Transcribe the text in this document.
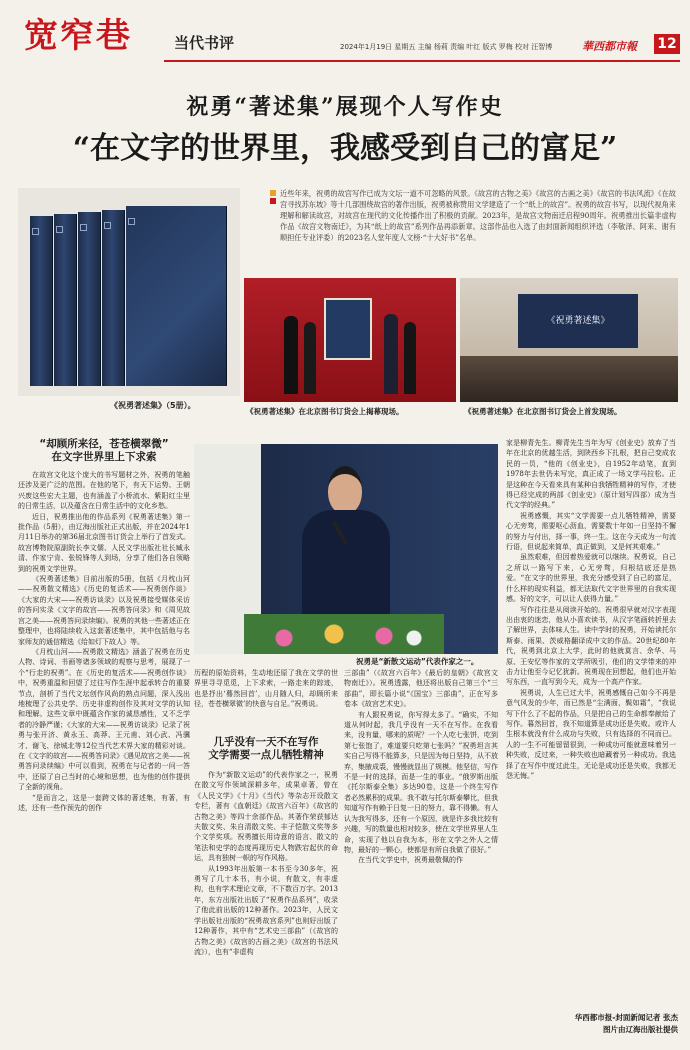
宽窄巷	当代书评	2024年1月19日 星期五 主编 杨莉 责编 叶红 版式 罗梅 校对 汪智博	華西都市報 12
祝勇“著述集”展现个人写作史
“在文字的世界里，我感受到自己的富足”
《祝勇著述集》（5册）。

近些年来，祝勇的故宫写作已成为文坛一道不可忽略的风景。《故宫的古物之美》《故宫的古画之美》《故宫的书法风流》《在故宫寻找苏东坡》等十几部围绕故宫的著作出版，祝勇被称赞用文学建造了一个“纸上的故宫”。祝勇的故宫书写，以现代视角来理解和解读故宫，对故宫在现代的文化传播作出了积极的贡献。2023年，是故宫文物南迁启程90周年。祝勇推出长篇非虚构作品《故宫文物南迁》，为其“纸上的故宫”系列作品再添新章。这部作品也入选了由封面新闻组织评选（李敬泽、阿来、谢有顺担任专业评委）的2023名人堂年度人文榜·“十大好书”名单。

《祝勇著述集》在北京图书订货会上揭幕现场。
《祝勇著述集》
《祝勇著述集》在北京图书订货会上首发现场。
“却顾所来径，苍苍横翠微”
在文字世界里上下求索

在故宫文化这个庞大的书写题材之外，祝勇的笔触还涉及更广泛的范围。在他的笔下，有天下运势、王朝兴废这些宏大主题，也有涵盖了小桥流水、紫阳红尘里的日常生活，以及蕴含在日常生活中的文化乡愁。

近日，祝勇推出他的作品系列《祝勇著述集》第一批作品（5册），由辽海出版社正式出版，并在2024年1月11日举办的第36届北京图书订货会上举行了首发式。故宫博物院原副院长李文儒、人民文学出版社社长臧永清、作家宁肯、张锐锋等人到场，分享了他们各自领略到的祝勇文学世界。

《祝勇著述集》目前出版的5册，包括《月枕山河——祝勇散文精选》《历史的复活术——祝勇创作谈》《大家的大宋——祝勇访谈录》以及祝勇接受媒体采访的答问实录《文字的故宫——祝勇答问录》和《周见故宫之美——祝勇答问录续编》。祝勇的其他一些著述正在整理中，也将陆续收入这套著述集中，其中包括他与名家师友的通信精选《给如灯下故人》等。

《月枕山河——祝勇散文精选》涵盖了祝勇在历史人物、诗词、书画等诸多领域的观察与思考，展现了一个“行走的祝勇”。在《历史的复活术——祝勇创作谈》中，祝勇重温和回望了过往写作生涯中起承转合的重要节点，剖析了当代文坛创作风尚的熟点问题，深入浅出地梳理了公共史学、历史非虚构创作及其对文学的认知和理解。这些文章中既蕴含作家的诚恳感性，又不乏学者的冷静严谨；《大家的大宋——祝勇访谈录》记录了祝勇与张开济、黄永玉、高莽、王元甫、刘心武、冯骥才、谢飞、徐城北等12位当代艺术界大家的精彩对谈。在《文字的故宫——祝勇答问录》《遇见故宫之美——祝勇答问录续编》中可以看到，祝勇在与记者的一问一答中，还原了自己当时的心境和思想，也为他的创作提供了全新的视角。

“是而言之，这是一套跨文体的著述集，有著，有述，还有一些作预先的创作

祝勇是“新散文运动”代表作家之一。

历程的原始资料，生动地还原了我在文学的世界里寻寻觅觅，上下求索，一路走来的踪迹，也是抒出‘蓦然回首’，山月随人归，却顾所来径，苍苍横翠微’的快意与自足。”祝勇说。

几乎没有一天不在写作
文学需要一点儿牺牲精神

作为“新散文运动”的代表作家之一，祝勇在散文写作领域深耕多年，成果卓著，曾在《人民文学》《十月》《当代》等杂志开设散文专栏，著有《血朝廷》《故宫六百年》《故宫的古物之美》等四十余部作品。其著作荣获郁达夫散文奖、朱自清散文奖、丰子恺散文奖等多个文学奖项。祝勇擅长用诗意的语言、散文的笔法和史学的态度再现历史人物跌宕起伏的命运，具有独树一帜的写作风格。

从1993年出版第一本书至今30多年，祝勇写了几十本书，有小说，有散文，有非虚构，也有学术理论文章，不下数百万字。2013年，东方出版社出版了“祝勇作品系列”，收录了他此前出版的12种著作。2023年，人民文学出版社出版的“祝勇故宫系列”也则好出版了12种著作，其中有“艺术史三部曲”（《故宫的古物之美》《故宫的古画之美》《故宫的书法风流》），也有“非虚构

三部曲”（《故宫六百年》《最后的皇朝》《故宫文物南迁》）。祝勇透露，他还将出版自己第三个“三部曲”，即长篇小说“《国宝》三部曲”，正在写多卷本《故宫艺术史》。

有人跟祝勇说，你写得太多了。“确实，不知道从何时起，我几乎没有一天不在写作。在我看来，没有量，哪来的质呢？一个人吃七张饼，吃到第七张饱了，难道要只吃第七张吗？”祝勇坦言其实自己写得不能算多，只是因为每日坚持，从不放弃，集腋成裘，慢慢就显出了规模。他坚信，写作不是一时的选择，而是一生的事业。“俄罗斯出版《托尔斯泰全集》多达90卷，这是一个终生写作者必然累积的成果。我不敢与托尔斯泰攀比，但我知道写作有赖于日复一日的努力，靠不得懒。有人认为我写得多，还有一个原因，就是许多我比较有兴趣，写的数量也相对较多，使在文学世界里人生命，实现了他以自我为本，形在文学之外人之情物，最好的一颗心，使都是有所自我做了很好。”

在当代文学史中，祝勇最敬佩的作

家是柳青先生。柳青先生当年为写《创业史》放弃了当年在北京的优越生活，到陕西乡下扎根，把自己变成农民的一员，“他的《创业史》，自1952年动笔，直到1978年去世仍未写完，真正成了一场文学马拉松。正是这种在今天看来具有某种自我牺牲精神的写作，才使得已经完成的两部《创业史》（原计划写四部）成为当代文学的经典。”

祝勇感慨，其实“文学需要一点儿牺牲精神，需要心无旁骛，需要呕心沥血，需要数十年如一日坚持不懈的努力与付出，择一事，终一生。这在今天成为一句流行语，但说起来简单，真正做到，又是何其艰难。”

虽然艰难，但因着热爱就可以继续。祝勇说，自己之所以一路写下来，心无旁骛，归根结底还是热爱。“在文字的世界里，我充分感受到了自己的富足，什么样的现实利益，都无法取代文字世界里的自我实现感。好的文字，可以让人获得力量。”

写作往往是从阅读开始的。祝勇很早就对汉字表现出由衷的迷恋，他从小喜欢读书，从汉字笔画转折里去了解世界，去体味人生。读中学时的祝勇，开始读托尔斯泰、雨果、茨威格翻译成中文的作品。20世纪80年代，祝勇到北京上大学，此时的他就莫言、余华、马原、王安忆等作家的文学所吸引，他们的文学带来的冲击力让他至今记忆犹新。祝勇现在回想起，他们也开始写东西，一直写到今天，成为一个高产作家。

祝勇说，人生已过大半，祝勇感慨自己如今不再是意气风发的少年，而已然是“尘满面，鬓如霜”，“我说写下什么了不起的作品，只是把自己的生命都奉献给了写作。暮然回首，我不知道算是成功还是失败。或许人生根本就没有什么成功与失败，只有选择的不同而已。人的一生不可能留留很到，一种成功可能就意味着另一种失败，反过来，一种失败也暗藏着另一种成功。我选择了在写作中度过此生，无论是成功还是失败，我都无怨无悔。”

华西都市报-封面新闻记者 张杰
图片由辽海出版社提供
